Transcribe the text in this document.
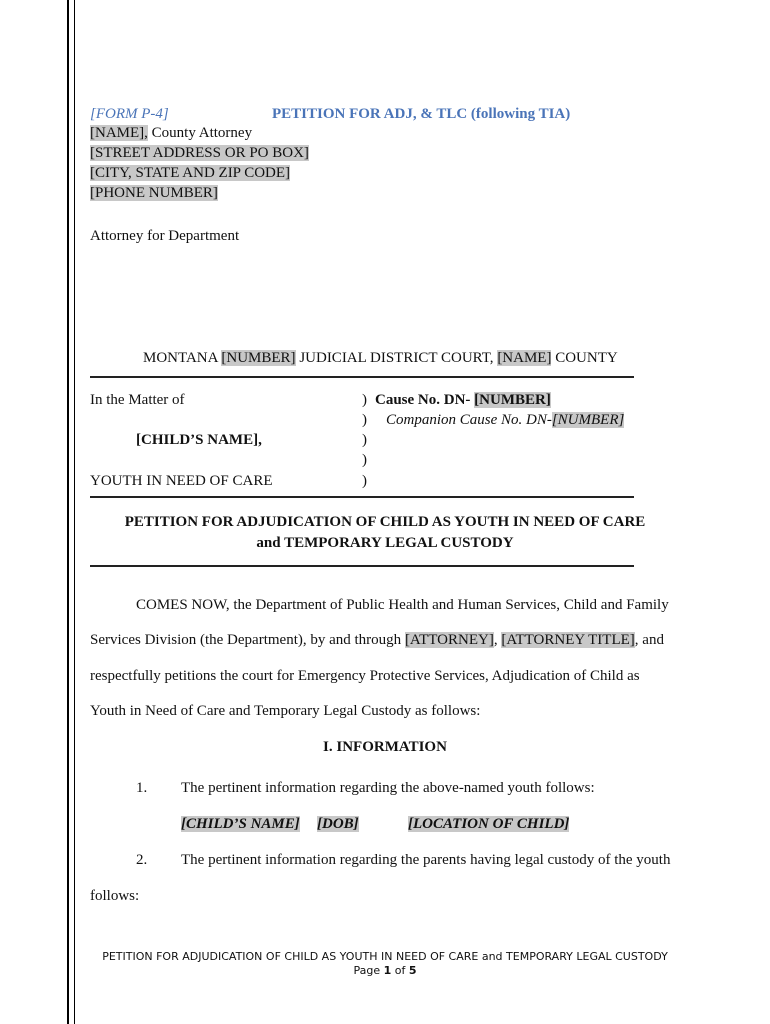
[FORM P-4]	PETITION FOR ADJ, & TLC (following TIA)
[NAME], County Attorney
[STREET ADDRESS OR PO BOX]
[CITY, STATE AND ZIP CODE]
[PHONE NUMBER]
Attorney for Department
MONTANA [NUMBER] JUDICIAL DISTRICT COURT, [NAME] COUNTY
In the Matter of
[CHILD’S NAME],
YOUTH IN NEED OF CARE
)
)
)
)
)
Cause No. DN- [NUMBER]
Companion Cause No. DN-[NUMBER]
PETITION FOR ADJUDICATION OF CHILD AS YOUTH IN NEED OF CARE
and TEMPORARY LEGAL CUSTODY
COMES NOW, the Department of Public Health and Human Services, Child and Family
Services Division (the Department), by and through [ATTORNEY], [ATTORNEY TITLE], and
respectfully petitions the court for Emergency Protective Services, Adjudication of Child as
Youth in Need of Care and Temporary Legal Custody as follows:
I. INFORMATION
1. The pertinent information regarding the above-named youth follows:
[CHILD’S NAME] [DOB]	[LOCATION OF CHILD]
2. The pertinent information regarding the parents having legal custody of the youth
follows:
PETITION FOR ADJUDICATION OF CHILD AS YOUTH IN NEED OF CARE and TEMPORARY LEGAL CUSTODY
Page 1 of 5
